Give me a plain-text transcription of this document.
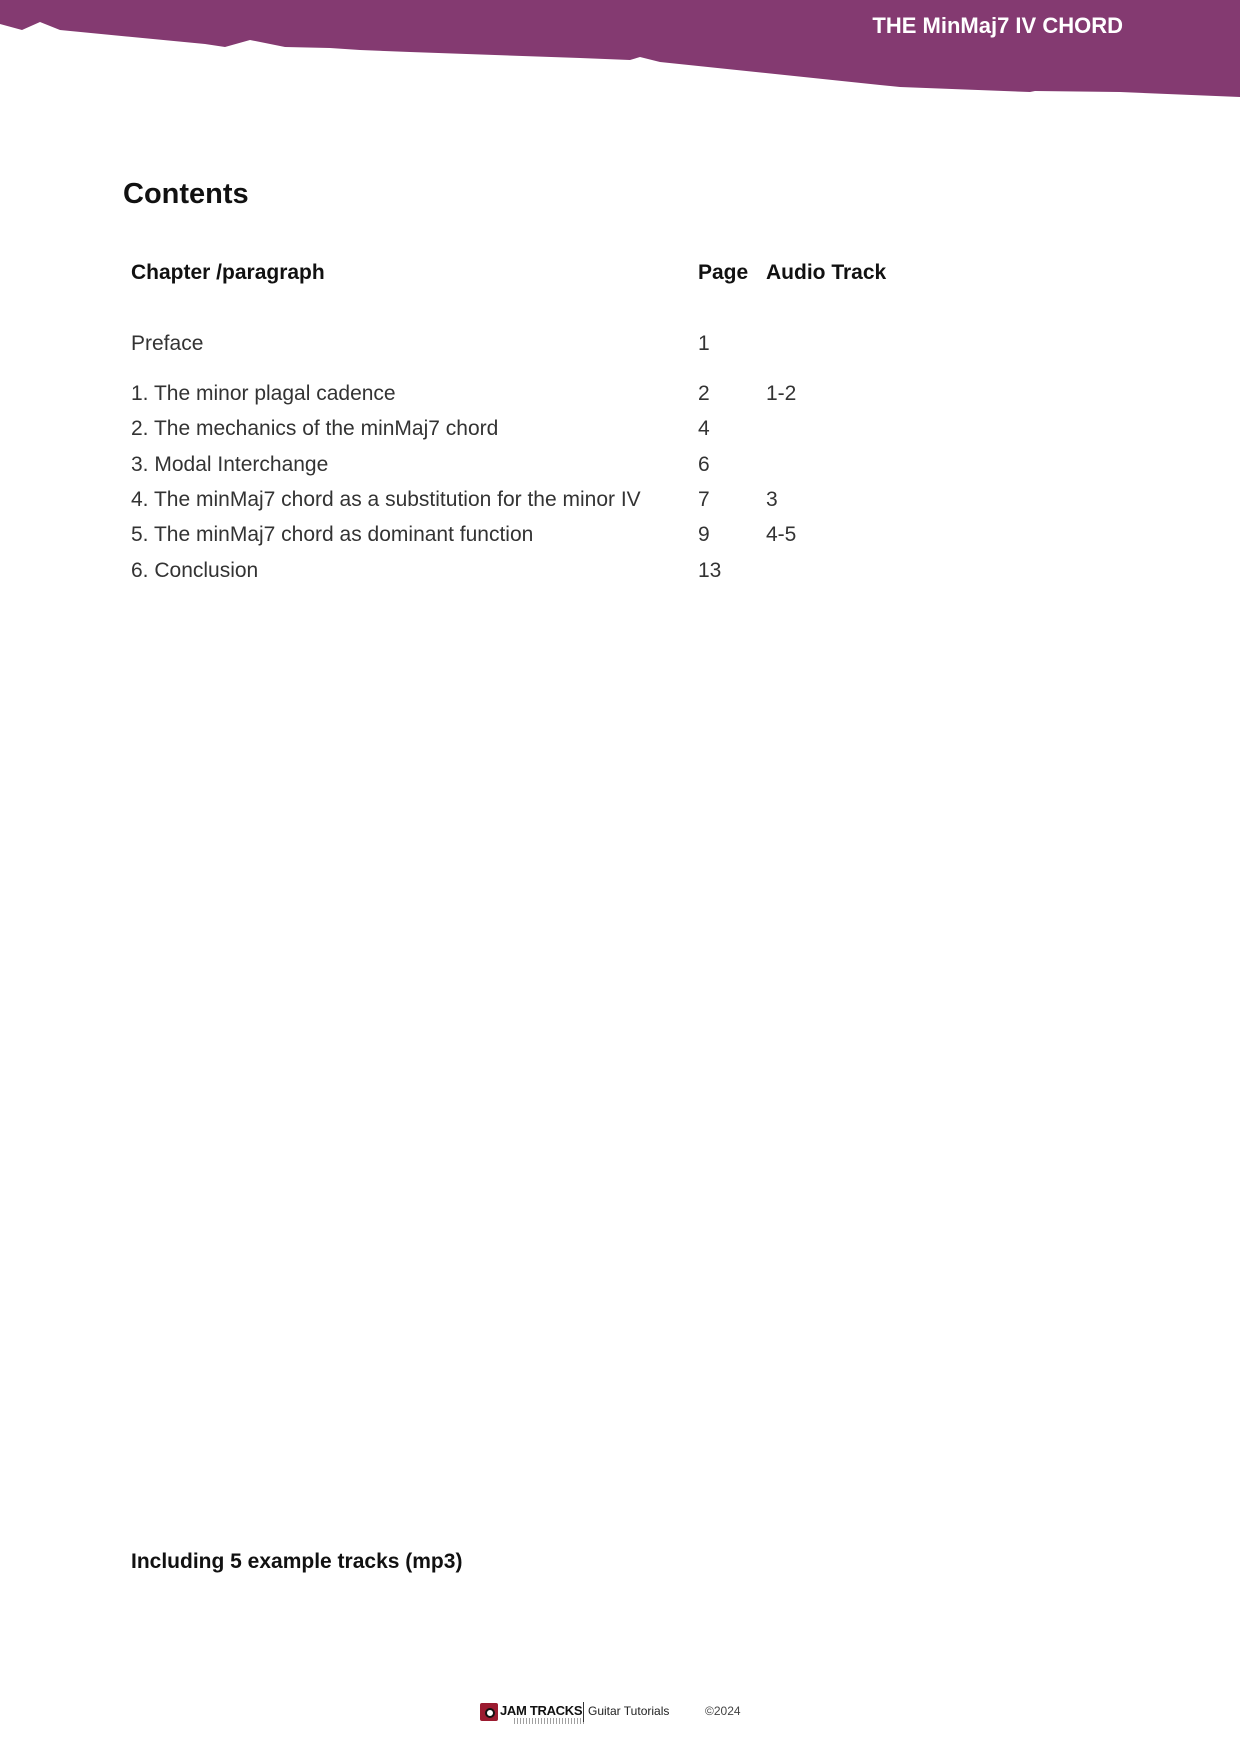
THE MinMaj7 IV CHORD
Contents
Chapter /paragraph	Page Audio Track
Preface	1
1. The minor plagal cadence	2	1-2
2. The mechanics of the minMaj7 chord	4
3. Modal Interchange	6
4. The minMaj7 chord as a substitution for the minor IV	7	3
5. The minMaj7 chord as dominant function	9	4-5
6. Conclusion	13
Including 5 example tracks (mp3)
JAM TRACKS Guitar Tutorials	©2024
